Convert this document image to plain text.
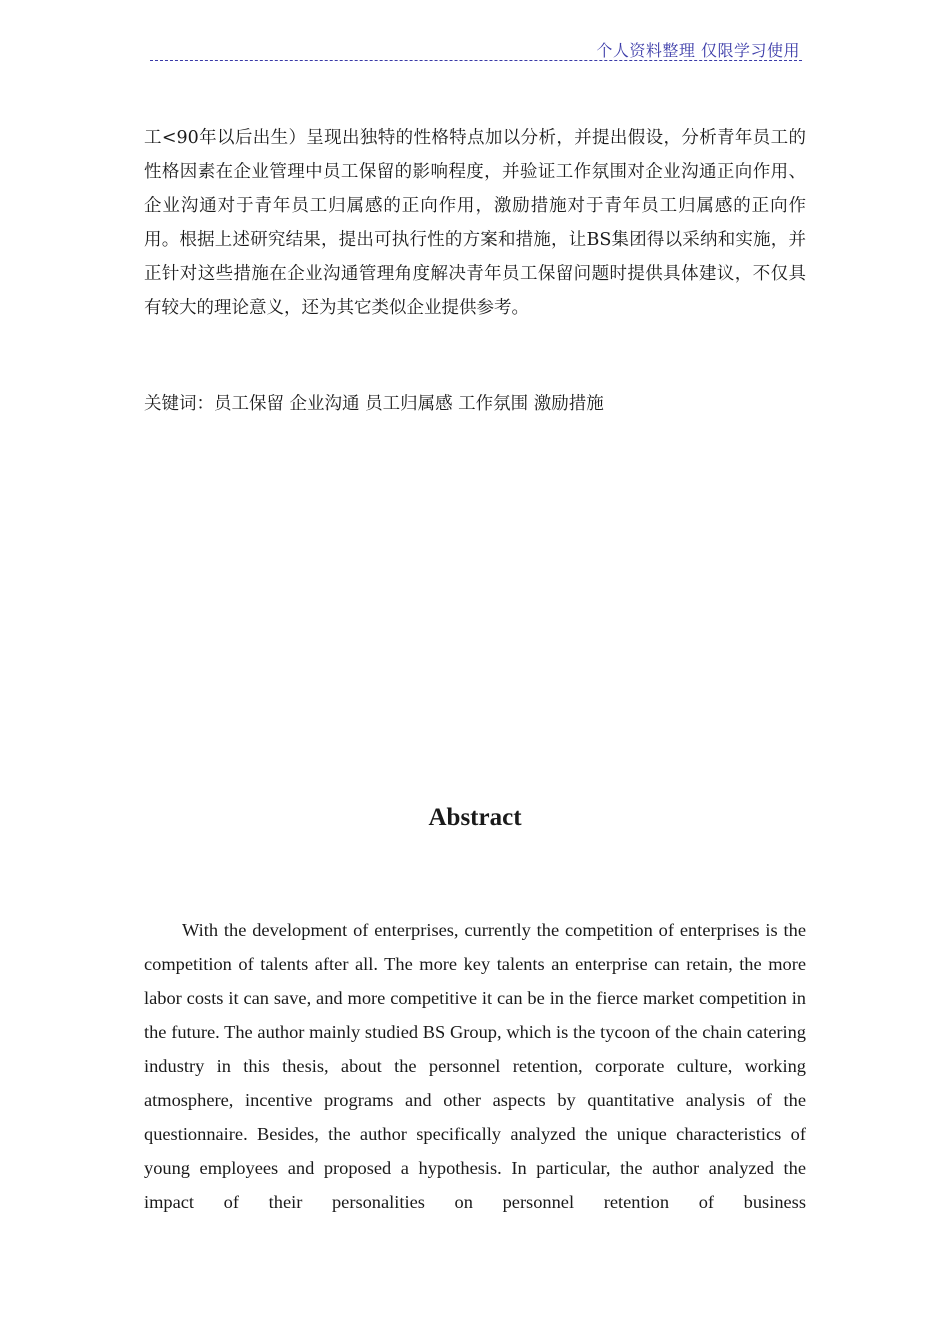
个人资料整理 仅限学习使用

工<90年以后出生）呈现出独特的性格特点加以分析，并提出假设，分析青年员工的性格因素在企业管理中员工保留的影响程度，并验证工作氛围对企业沟通正向作用、企业沟通对于青年员工归属感的正向作用，激励措施对于青年员工归属感的正向作用。根据上述研究结果，提出可执行性的方案和措施，让BS集团得以采纳和实施，并正针对这些措施在企业沟通管理角度解决青年员工保留问题时提供具体建议，不仅具有较大的理论意义，还为其它类似企业提供参考。

关键词：员工保留 企业沟通 员工归属感 工作氛围 激励措施

Abstract

With the development of enterprises, currently the competition of enterprises is the competition of talents after all. The more key talents an enterprise can retain, the more labor costs it can save, and more competitive it can be in the fierce market competition in the future. The author mainly studied BS Group, which is the tycoon of the chain catering industry in this thesis, about the personnel retention, corporate culture, working atmosphere, incentive programs and other aspects by quantitative analysis of the questionnaire. Besides, the author specifically analyzed the unique characteristics of young employees and proposed a hypothesis. In particular, the author analyzed the impact of their personalities on personnel retention of business
